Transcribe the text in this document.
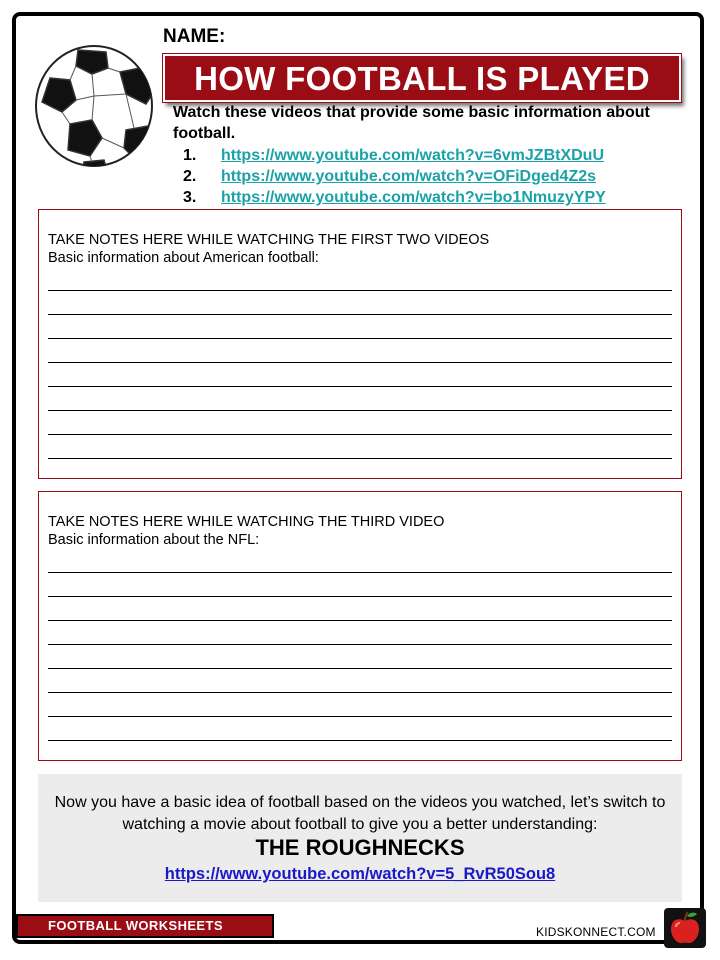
NAME:
HOW FOOTBALL IS PLAYED
Watch these videos that provide some basic information about football.
1. https://www.youtube.com/watch?v=6vmJZBtXDuU
2. https://www.youtube.com/watch?v=OFiDged4Z2s
3. https://www.youtube.com/watch?v=bo1NmuzyYPY
TAKE NOTES HERE WHILE WATCHING THE FIRST TWO VIDEOS
Basic information about American football:
TAKE NOTES HERE WHILE WATCHING THE THIRD VIDEO
Basic information about the NFL:
Now you have a basic idea of football based on the videos you watched, let’s switch to watching a movie about football to give you a better understanding:
THE ROUGHNECKS
https://www.youtube.com/watch?v=5_RvR50Sou8
FOOTBALL WORKSHEETS	KIDSKONNECT.COM
